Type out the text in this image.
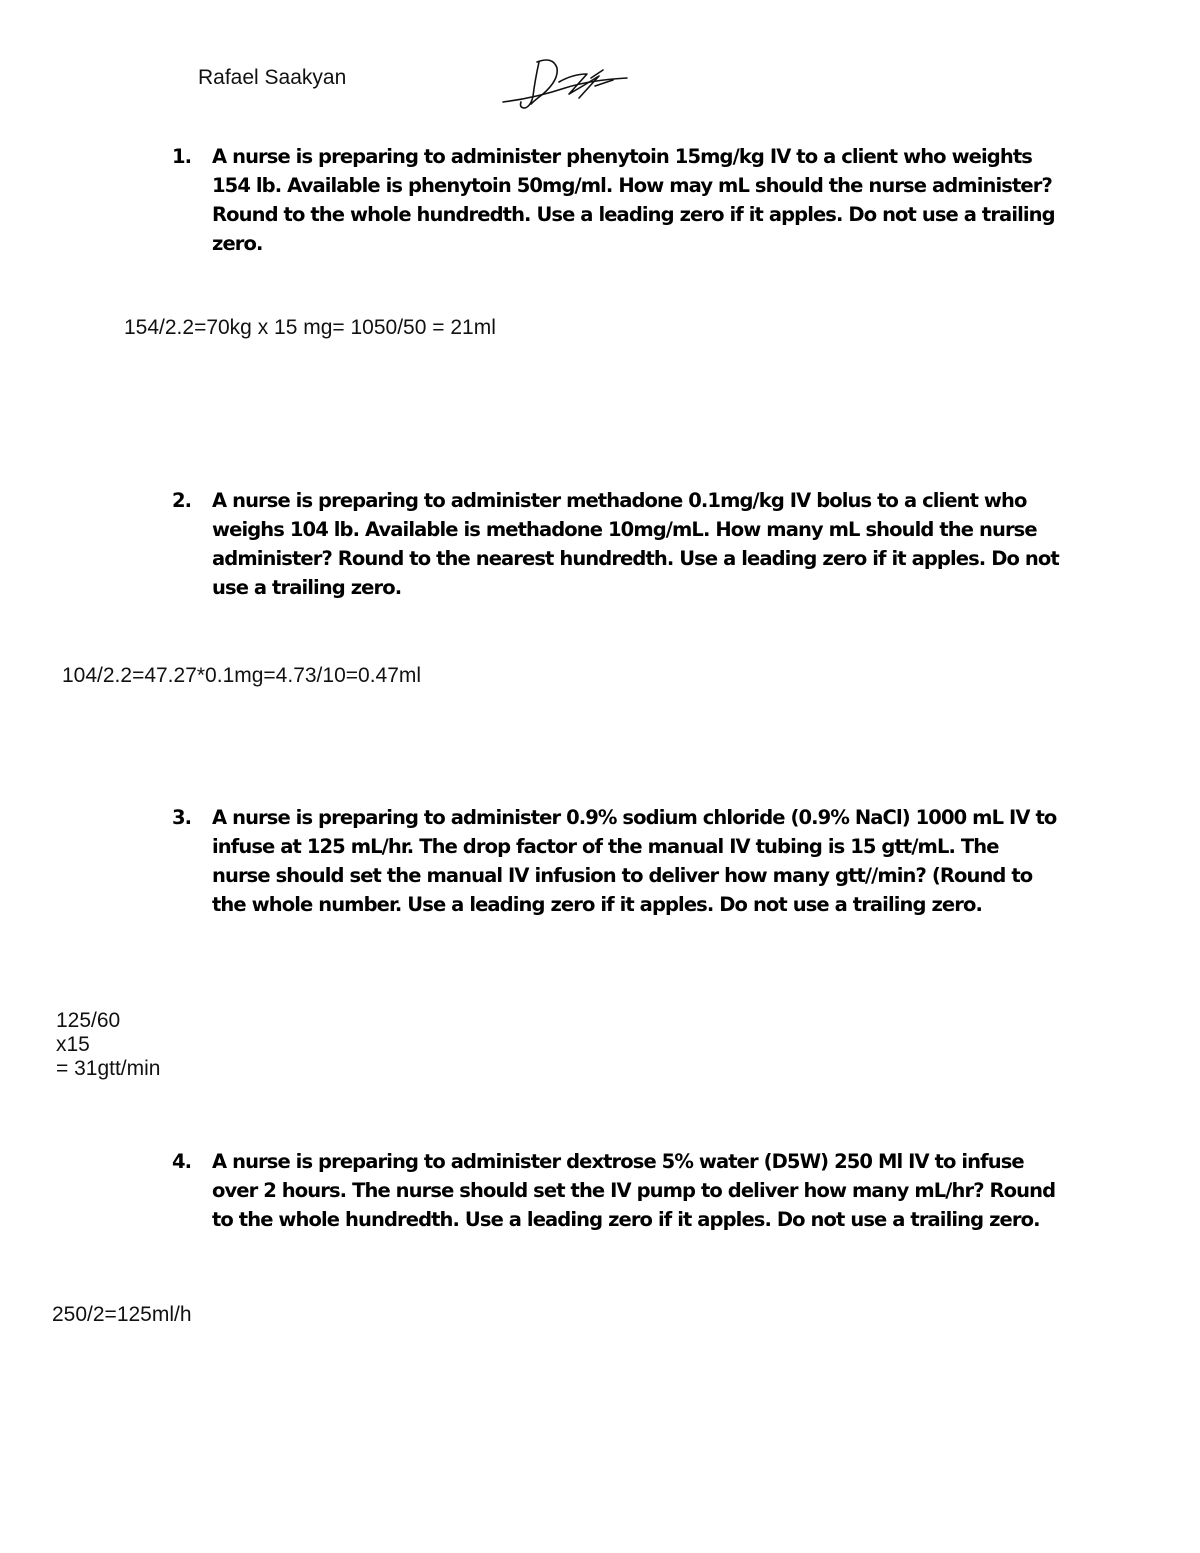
Rafael Saakyan
1.	A nurse is preparing to administer phenytoin 15mg/kg IV to a client who weights 154 lb. Available is phenytoin 50mg/ml. How may mL should the nurse administer? Round to the whole hundredth. Use a leading zero if it apples. Do not use a trailing zero.
154/2.2=70kg x 15 mg= 1050/50 = 21ml
2.	A nurse is preparing to administer methadone 0.1mg/kg IV bolus to a client who weighs 104 lb. Available is methadone 10mg/mL. How many mL should the nurse administer? Round to the nearest hundredth. Use a leading zero if it apples. Do not use a trailing zero.
104/2.2=47.27*0.1mg=4.73/10=0.47ml
3.	A nurse is preparing to administer 0.9% sodium chloride (0.9% NaCl) 1000 mL IV to infuse at 125 mL/hr. The drop factor of the manual IV tubing is 15 gtt/mL. The nurse should set the manual IV infusion to deliver how many gtt//min? (Round to the whole number. Use a leading zero if it apples. Do not use a trailing zero.
125/60
x15
= 31gtt/min
4.	A nurse is preparing to administer dextrose 5% water (D5W) 250 Ml IV to infuse over 2 hours. The nurse should set the IV pump to deliver how many mL/hr? Round to the whole hundredth. Use a leading zero if it apples. Do not use a trailing zero.
250/2=125ml/h
